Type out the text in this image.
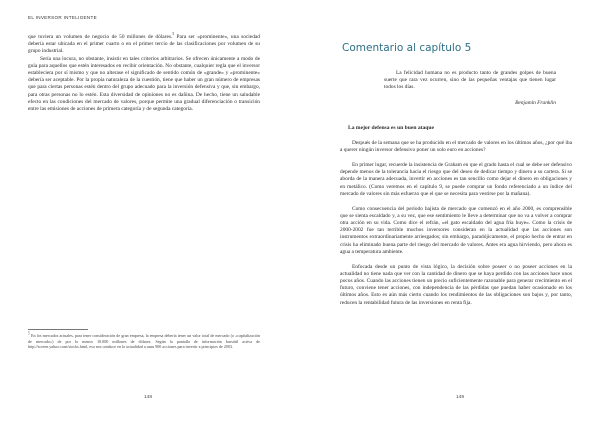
EL INVERSOR INTELIGENTE

que tuviera un volumen de negocio de 50 millones de dólares.$^5$ Para ser «prominente», una sociedad debería estar ubicada en el primer cuarto o en el primer tercio de las clasificaciones por volumen de su grupo industrial.

Sería una locura, no obstante, insistir en tales criterios arbitrarios. Se ofrecen únicamente a modo de guía para aquellos que estén interesados en recibir orientación. No obstante, cualquier regla que el inversor estableciera por sí mismo y que no alterase el significado de sentido común de «grande» y «prominente» debería ser aceptable. Por la propia naturaleza de la cuestión, tiene que haber un gran número de empresas que para ciertas personas estén dentro del grupo adecuado para la inversión defensiva y que, sin embargo, para otras personas no lo estén. Esta diversidad de opiniones no es dañina. De hecho, tiene un saludable efecto en las condiciones del mercado de valores, porque permite una gradual diferenciación o transición entre las emisiones de acciones de primera categoría y de segunda categoría.

$^5$ En los mercados actuales, para tener consideración de gran empresa, la empresa debería tener un valor total de mercado (o «capitalización de mercado») de por lo menos 10.000 millones de dólares. Según la pantalla de información bursátil activa de http://screen.yahoo.com/stocks.html, eso nos conduce en la actualidad a unas 900 acciones para invertir a principios de 2003.
148
Comentario al capítulo 5

La felicidad humana no es producto tanto de grandes golpes de buena suerte que rara vez ocurren, sino de las pequeñas ventajas que tienen lugar todos los días.

Benjamin Franklin
La mejor defensa es un buen ataque

Después de la semana que se ha producido en el mercado de valores en los últimos años, ¿por qué iba a querer ningún inversor defensivo poner un solo euro en acciones?

En primer lugar, recuerde la insistencia de Graham en que el grado hasta el cual se debe ser defensivo depende menos de la tolerancia hacia el riesgo que del deseo de dedicar tiempo y dinero a su cartera. Si se aborda de la manera adecuada, invertir en acciones es tan sencillo como dejar el dinero en obligaciones y en metálico. (Como veremos en el capítulo 9, se puede comprar un fondo referenciado a un índice del mercado de valores sin más esfuerzo que el que se necesita para vestirse por la mañana).

Como consecuencia del período bajista de mercado que comenzó en el año 2000, es comprensible que se sienta escaldado y, a su vez, que ese sentimiento le lleve a determinar que no va a volver a comprar otra acción en su vida. Como dice el refrán, «el gato escaldado del agua fría huye». Como la crisis de 2000-2002 fue tan terrible muchos inversores consideran en la actualidad que las acciones son instrumentos extraordinariamente arriesgados; sin embargo, paradójicamente, el propio hecho de entrar en crisis ha eliminado buena parte del riesgo del mercado de valores. Antes era agua hirviendo, pero ahora es agua a temperatura ambiente.

Enfocada desde un punto de vista lógico, la decisión sobre poseer o no poseer acciones en la actualidad no tiene nada que ver con la cantidad de dinero que se haya perdido con las acciones hace unos pocos años. Cuando las acciones tienen un precio suficientemente razonable para generar crecimiento en el futuro, conviene tener acciones, con independencia de las pérdidas que puedan haber ocasionado en los últimos años. Esto es aún más cierto cuando los rendimientos de las obligaciones son bajos y, por tanto, reducen la rentabilidad futura de las inversiones en renta fija.

149
